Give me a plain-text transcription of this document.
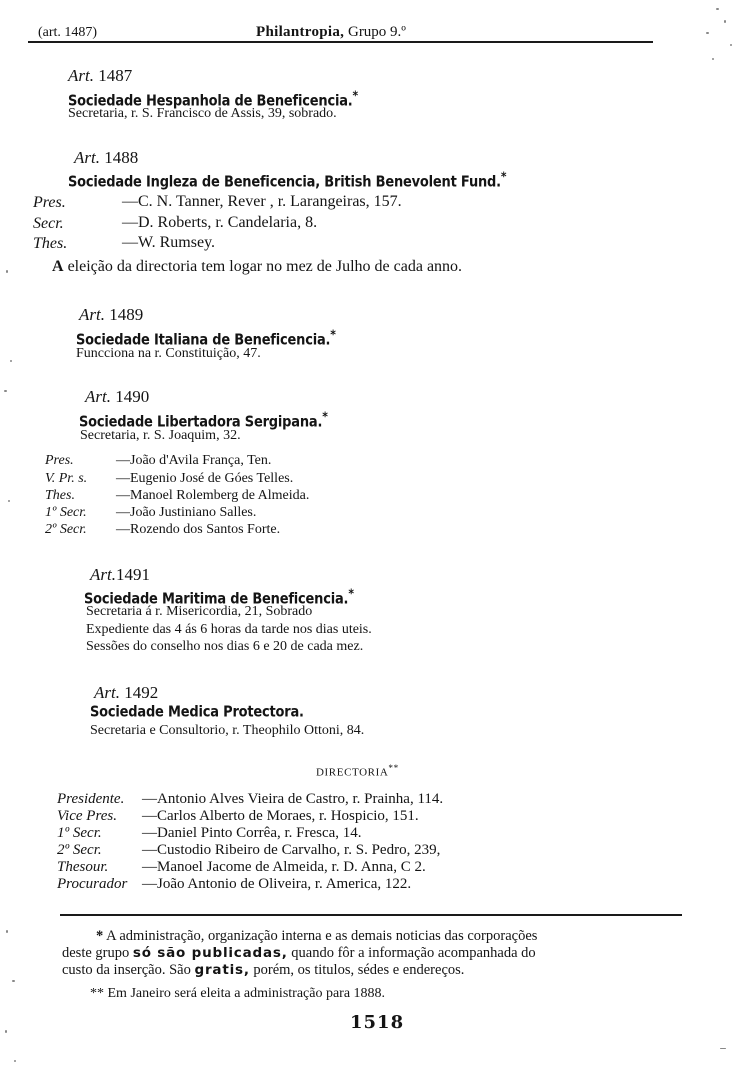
(art. 1487)	Philantropia, Grupo 9.º
Art. 1487
Sociedade Hespanhola de Beneficencia.*
Secretaria, r. S. Francisco de Assis, 39, sobrado.
Art. 1488
Sociedade Ingleza de Beneficencia, British Benevolent Fund.*
Pres.	—C. N. Tanner, Rever , r. Larangeiras, 157.
Secr.	—D. Roberts, r. Candelaria, 8.
Thes.	—W. Rumsey.
A eleição da directoria tem logar no mez de Julho de cada anno.
Art. 1489
Sociedade Italiana de Beneficencia.*
Funcciona na r. Constituição, 47.
Art. 1490
Sociedade Libertadora Sergipana.*
Secretaria, r. S. Joaquim, 32.
Pres.	—João d'Avila França, Ten.
V. Pr. s. —Eugenio José de Góes Telles.
Thes.	—Manoel Rolemberg de Almeida.
1º Secr. —João Justiniano Salles.
2º Secr. —Rozendo dos Santos Forte.
Art.1491
Sociedade Maritima de Beneficencia.*
Secretaria á r. Misericordia, 21, Sobrado
Expediente das 4 ás 6 horas da tarde nos dias uteis.
Sessões do conselho nos dias 6 e 20 de cada mez.
Art. 1492
Sociedade Medica Protectora.
Secretaria e Consultorio, r. Theophilo Ottoni, 84.
DIRECTORIA**
Presidente. —Antonio Alves Vieira de Castro, r. Prainha, 114.
Vice Pres. —Carlos Alberto de Moraes, r. Hospicio, 151.
1º Secr.	—Daniel Pinto Corrêa, r. Fresca, 14.
2º Secr.	—Custodio Ribeiro de Carvalho, r. S. Pedro, 239,
Thesour. —Manoel Jacome de Almeida, r. D. Anna, C 2.
Procurador —João Antonio de Oliveira, r. America, 122.
* A administração, organização interna e as demais noticias das corporações
deste grupo só são publicadas, quando fôr a informação acompanhada do
custo da inserção. São gratis, porém, os titulos, sédes e endereços.
** Em Janeiro será eleita a administração para 1888.
1518
